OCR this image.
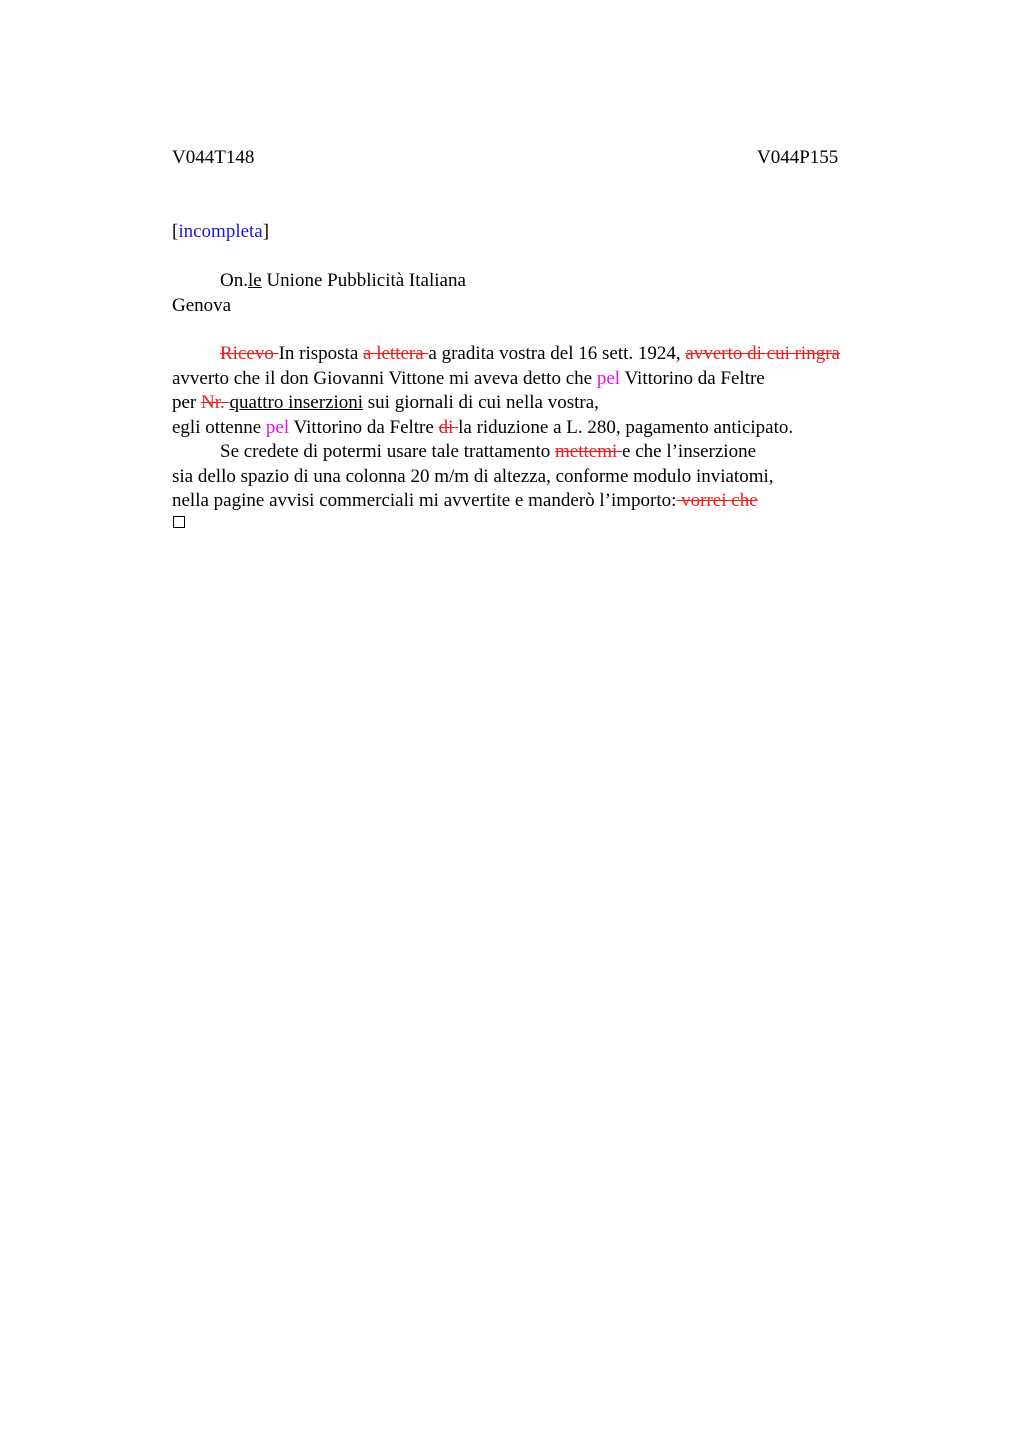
V044T148	V044P155
[incompleta]
On.le Unione Pubblicità Italiana
Genova
Ricevo In risposta a lettera a gradita vostra del 16 sett. 1924, avverto di cui ringra
avverto che il don Giovanni Vittone mi aveva detto che pel Vittorino da Feltre
per Nr. quattro inserzioni sui giornali di cui nella vostra,
egli ottenne pel Vittorino da Feltre di la riduzione a L. 280, pagamento anticipato.
Se credete di potermi usare tale trattamento mettemi e che l’inserzione
sia dello spazio di una colonna 20 m/m di altezza, conforme modulo inviatomi,
nella pagine avvisi commerciali mi avvertite e manderò l’importo: vorrei che
